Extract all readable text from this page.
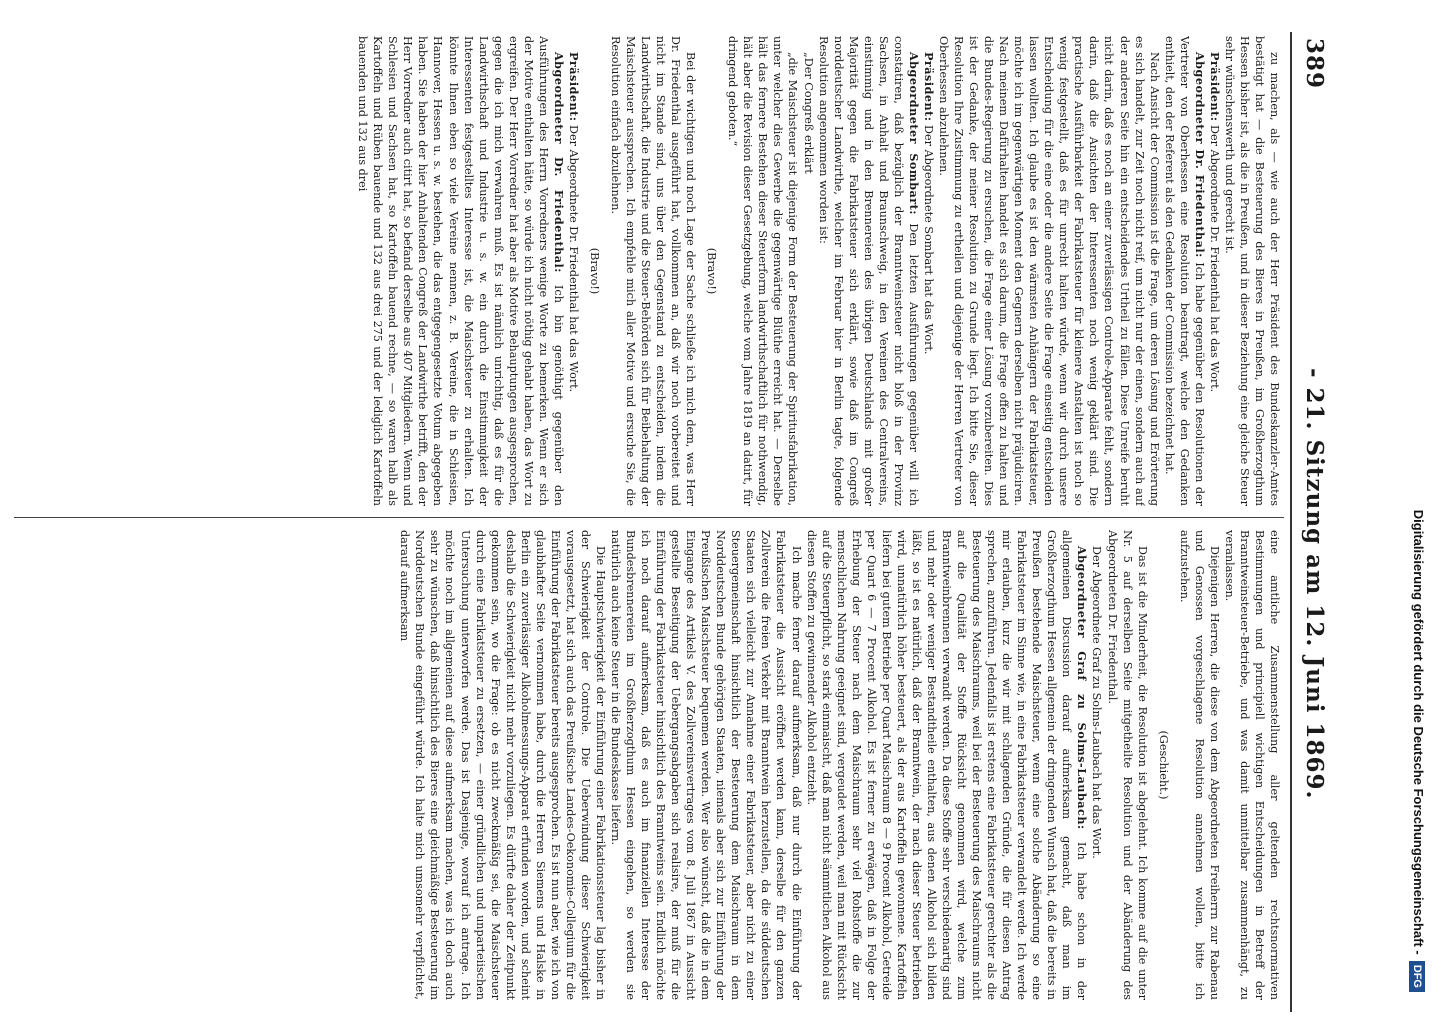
389
- 21. Sitzung am 12. Juni 1869.

zu machen, als — wie auch der Herr Präsident des Bundeskanzler-Amtes bestätigt hat — die Besteuerung des Bieres in Preußen, im Großherzogthum Hessen bisher ist, als die in Preußen, und in dieser Beziehung eine gleiche Steuer sehr wünschenswerth und gerecht ist.

Präsident: Der Abgeordnete Dr. Friedenthal hat das Wort.

Abgeordneter Dr. Friedenthal: Ich habe gegenüber den Resolutionen der Vertreter von Oberhessen eine Resolution beantragt, welche den Gedanken enthielt, den der Referent als den Gedanken der Commission bezeichnet hat.

Nach Ansicht der Commission ist die Frage, um deren Lösung und Erörterung es sich handelt, zur Zeit noch nicht reif, um nicht nur der einen, sondern auch auf der anderen Seite hin ein entscheidendes Urtheil zu fällen. Diese Unreife beruht nicht darin, daß es noch an einer zuverlässigen Controle-Apparate fehlt, sondern darin, daß die Ansichten der Interessenten noch wenig geklärt sind. Die practische Ausführbarkeit der Fabrikatsteuer für kleinere Anstalten ist noch so wenig festgestellt, daß es für unrecht halten würde, wenn wir durch unsere Entscheidung für die eine oder die andere Seite die Frage einseitig entscheiden lassen wollten. Ich glaube es ist den wärmsten Anhängern der Fabrikatsteuer, möchte ich im gegenwärtigen Moment den Gegnern derselben nicht präjudiciren. Nach meinem Dafürhalten handelt es sich darum, die Frage offen zu halten und die Bundes-Regierung zu ersuchen, die Frage einer Lösung vorzubereiten. Dies ist der Gedanke, der meiner Resolution zu Grunde liegt. Ich bitte Sie, dieser Resolution Ihre Zustimmung zu ertheilen und diejenige der Herren Vertreter von Oberhessen abzulehnen.

Präsident: Der Abgeordnete Sombart hat das Wort.

Abgeordneter Sombart: Den letzten Ausführungen gegenüber will ich constatiren, daß bezüglich der Branntweinsteuer nicht bloß in der Provinz Sachsen, in Anhalt und Braunschweig, in den Vereinen des Centralvereins, einstimmig und in den Brennereien des übrigen Deutschlands mit großer Majorität gegen die Fabrikatsteuer sich erklärt, sowie daß im Congreß norddeutscher Landwirthe, welcher im Februar hier in Berlin tagte, folgende Resolution angenommen worden ist:

„Der Congreß erklärt

„die Maischsteuer ist diejenige Form der Besteuerung der Spiritusfabrikation, unter welcher dies Gewerbe die gegenwärtige Blüthe erreicht hat. — Derselbe hält das fernere Bestehen dieser Steuerform landwirthschaftlich für nothwendig, hält aber die Revision dieser Gesetzgebung, welche vom Jahre 1819 an datirt, für dringend geboten.“

(Bravo!)

Bei der wichtigen und noch Lage der Sache schließe ich mich dem, was Herr Dr. Friedenthal ausgeführt hat, vollkommen an, daß wir noch vorbereitet und nicht im Stande sind, uns über den Gegenstand zu entscheiden, indem die Landwirthschaft, die Industrie und die Steuer-Behörden sich für Beibehaltung der Maischsteuer aussprechen. Ich empfehle mich aller Motive und ersuche Sie, die Resolution einfach abzulehnen.

(Bravo!)

Präsident: Der Abgeordnete Dr. Friedenthal hat das Wort.

Abgeordneter Dr. Friedenthal: Ich bin genöthigt gegenüber den Ausführungen des Herrn Vorredners wenige Worte zu bemerken. Wenn er sich der Motive enthalten hätte, so würde ich nicht nöthig gehabt haben, das Wort zu ergreifen. Der Herr Vorredner hat aber als Motive Behauptungen ausgesprochen, gegen die ich mich verwahren muß. Es ist nämlich unrichtig, daß es für die Landwirthschaft und Industrie u. s. w. ein durch die Einstimmigkeit der Interessenten festgestelltes Interesse ist, die Maischsteuer zu erhalten. Ich könnte Ihnen eben so viele Vereine nennen, z. B. Vereine, die in Schlesien, Hannover, Hessen u. s. w. bestehen, die das entgegengesetzte Votum abgegeben haben. Sie haben der hier Anhaltenden Congreß der Landwirthe betrifft, den der Herr Vorredner auch citirt hat, so befand derselbe aus 407 Mitgliedern. Wenn und Schlesien und Sachsen hat, so Kartoffeln bauend rechne, — so waren halb als Kartoffeln und Rüben bauende und 132 aus drei 275 und der lediglich Kartoffeln bauenden und 132 aus drei

eine amtliche Zusammenstellung aller geltenden rechtsnormativen Bestimmungen und principiell wichtigen Entscheidungen in Betreff der Branntweinsteuer-Betriebe, und was damit unmittelbar zusammenhängt, zu veranlassen.

Diejenigen Herren, die diese von dem Abgeordneten Freiherrn zur Rabenau und Genossen vorgeschlagene Resolution annehmen wollen, bitte ich aufzustehen.

(Geschieht.)

Das ist die Minderheit, die Resolution ist abgelehnt. Ich komme auf die unter Nr. 5 auf derselben Seite mitgetheilte Resolution und der Abänderung des Abgeordneten Dr. Friedenthal.

Der Abgeordnete Graf zu Solms-Laubach hat das Wort.

Abgeordneter Graf zu Solms-Laubach: Ich habe schon in der allgemeinen Discussion darauf aufmerksam gemacht, daß man im Großherzogthum Hessen allgemein der dringenden Wunsch hat, daß die bereits in Preußen bestehende Maischsteuer, wenn eine solche Abänderung so eine Fabrikatsteuer im Sinne wie, in eine Fabrikatsteuer verwandelt werde. Ich werde mir erlauben, kurz die wir mit schlagenden Gründe, die für diesen Antrag sprechen, anzuführen. Jedenfalls ist erstens eine Fabrikatsteuer gerechter als die Besteuerung des Maischraums, weil bei der Besteuerung des Maischraums nicht auf die Qualität der Stoffe Rücksicht genommen wird, welche zum Branntweinbrennen verwandt werden. Da diese Stoffe sehr verschiedenartig sind und mehr oder weniger Bestandtheile enthalten, aus denen Alkohol sich bilden läßt, so ist es natürlich, daß der Branntwein, der nach dieser Steuer betrieben wird, unnatürlich höher besteuert, als der aus Kartoffeln gewonnene. Kartoffeln liefern bei gutem Betriebe per Quart Maischraum 8 — 9 Procent Alkohol, Getreide per Quart 6 — 7 Procent Alkohol. Es ist ferner zu erwägen, daß in Folge der Erhebung der Steuer nach dem Maischraum sehr viel Rohstoffe die zur menschlichen Nahrung geeignet sind, vergeudet werden, weil man mit Rücksicht auf die Steuerpflicht, so stark einmaischt, daß man nicht sämmtlichen Alkohol aus diesen Stoffen zu gewinnender Alkohol entzieht.

Ich mache ferner darauf aufmerksam, daß nur durch die Einführung der Fabrikatsteuer die Aussicht eröffnet werden kann, derselbe für den ganzen Zollverein die freien Verkehr mit Branntwein herzustellen, da die süddeutschen Staaten sich vielleicht zur Annahme einer Fabrikatsteuer, aber nicht zu einer Steuergemeinschaft hinsichtlich der Besteuerung dem Maischraum in dem Norddeutschen Bunde gehörigen Staaten, niemals aber sich zur Einführung der Preußischen Maischsteuer bequemen werden. Wer also wünscht, daß die in dem Eingange des Artikels V. des Zollvereinsvertrages vom 8. Juli 1867 in Aussicht gestellte Beseitigung der Uebergangsabgaben sich realisire, der muß für die Einführung der Fabrikatsteuer hinsichtlich des Branntweins sein. Endlich möchte ich noch darauf aufmerksam, daß es auch im finanziellen Interesse der Bundesbrennereien im Großherzogthum Hessen eingehen, so werden sie natürlich auch keine Steuer in die Bundeskasse liefern.

Die Hauptschwierigkeit der Einführung einer Fabrikationssteuer lag bisher in der Schwierigkeit der Controle. Die Ueberwindung dieser Schwierigkeit vorausgesetzt, hat sich auch das Preußische Landes-Oekonomie-Collegium für die Einführung der Fabrikatsteuer bereits ausgesprochen. Es ist nun aber, wie ich von glaubhafter Seite vernommen habe, durch die Herren Siemens und Halske in Berlin ein zuverlässiger Alkoholmessungs-Apparat erfunden worden, und scheint deshalb die Schwierigkeit nicht mehr vorzuliegen. Es dürfte daher der Zeitpunkt gekommen sein, wo die Frage: ob es nicht zweckmäßig sei, die Maischsteuer durch eine Fabrikatsteuer zu ersetzen, — einer gründlichen und unparteiischen Untersuchung unterworfen werde. Das ist Dasjenige, worauf ich antrage. Ich möchte noch im allgemeinen auf diese aufmerksam machen, was ich doch auch sehr zu wünschen, daß hinsichtlich des Bieres eine gleichmäßige Besteuerung im Norddeutschen Bunde eingeführt würde. Ich halte mich umsomehr verpflichtet, darauf aufmerksam	Digitalisierung gefördert durch die Deutsche Forschungsgemeinschaft -DFG
